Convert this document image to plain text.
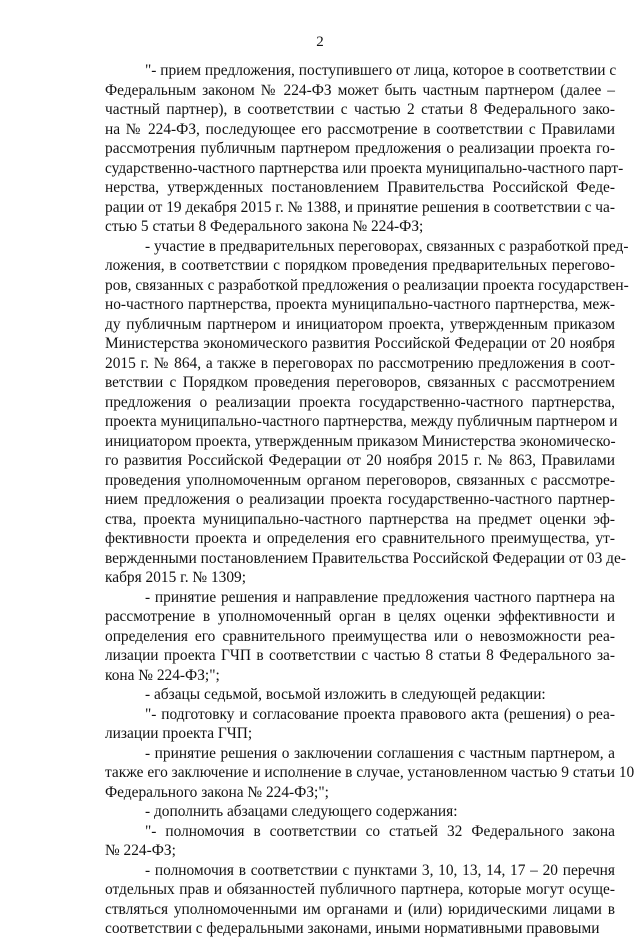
2
"- прием предложения, поступившего от лица, которое в соответствии с
Федеральным законом № 224-ФЗ может быть частным партнером (далее –
частный партнер), в соответствии с частью 2 статьи 8 Федерального зако-
на № 224-ФЗ, последующее его рассмотрение в соответствии с Правилами
рассмотрения публичным партнером предложения о реализации проекта го-
сударственно-частного партнерства или проекта муниципально-частного парт-
нерства, утвержденных постановлением Правительства Российской Феде-
рации от 19 декабря 2015 г. № 1388, и принятие решения в соответствии с ча-
стью 5 статьи 8 Федерального закона № 224-ФЗ;
- участие в предварительных переговорах, связанных с разработкой пред-
ложения, в соответствии с порядком проведения предварительных перегово-
ров, связанных с разработкой предложения о реализации проекта государствен-
но-частного партнерства, проекта муниципально-частного партнерства, меж-
ду публичным партнером и инициатором проекта, утвержденным приказом
Министерства экономического развития Российской Федерации от 20 ноября
2015 г. № 864, а также в переговорах по рассмотрению предложения в соот-
ветствии с Порядком проведения переговоров, связанных с рассмотрением
предложения о реализации проекта государственно-частного партнерства,
проекта муниципально-частного партнерства, между публичным партнером и
инициатором проекта, утвержденным приказом Министерства экономическо-
го развития Российской Федерации от 20 ноября 2015 г. № 863, Правилами
проведения уполномоченным органом переговоров, связанных с рассмотре-
нием предложения о реализации проекта государственно-частного партнер-
ства, проекта муниципально-частного партнерства на предмет оценки эф-
фективности проекта и определения его сравнительного преимущества, ут-
вержденными постановлением Правительства Российской Федерации от 03 де-
кабря 2015 г. № 1309;
- принятие решения и направление предложения частного партнера на
рассмотрение в уполномоченный орган в целях оценки эффективности и
определения его сравнительного преимущества или о невозможности реа-
лизации проекта ГЧП в соответствии с частью 8 статьи 8 Федерального за-
кона № 224-ФЗ;";
- абзацы седьмой, восьмой изложить в следующей редакции:
"- подготовку и согласование проекта правового акта (решения) о реа-
лизации проекта ГЧП;
- принятие решения о заключении соглашения с частным партнером, а
также его заключение и исполнение в случае, установленном частью 9 статьи 10
Федерального закона № 224-ФЗ;";
- дополнить абзацами следующего содержания:
"- полномочия в соответствии со статьей 32 Федерального закона
№ 224-ФЗ;
- полномочия в соответствии с пунктами 3, 10, 13, 14, 17 – 20 перечня
отдельных прав и обязанностей публичного партнера, которые могут осуще-
ствляться уполномоченными им органами и (или) юридическими лицами в
соответствии с федеральными законами, иными нормативными правовыми
